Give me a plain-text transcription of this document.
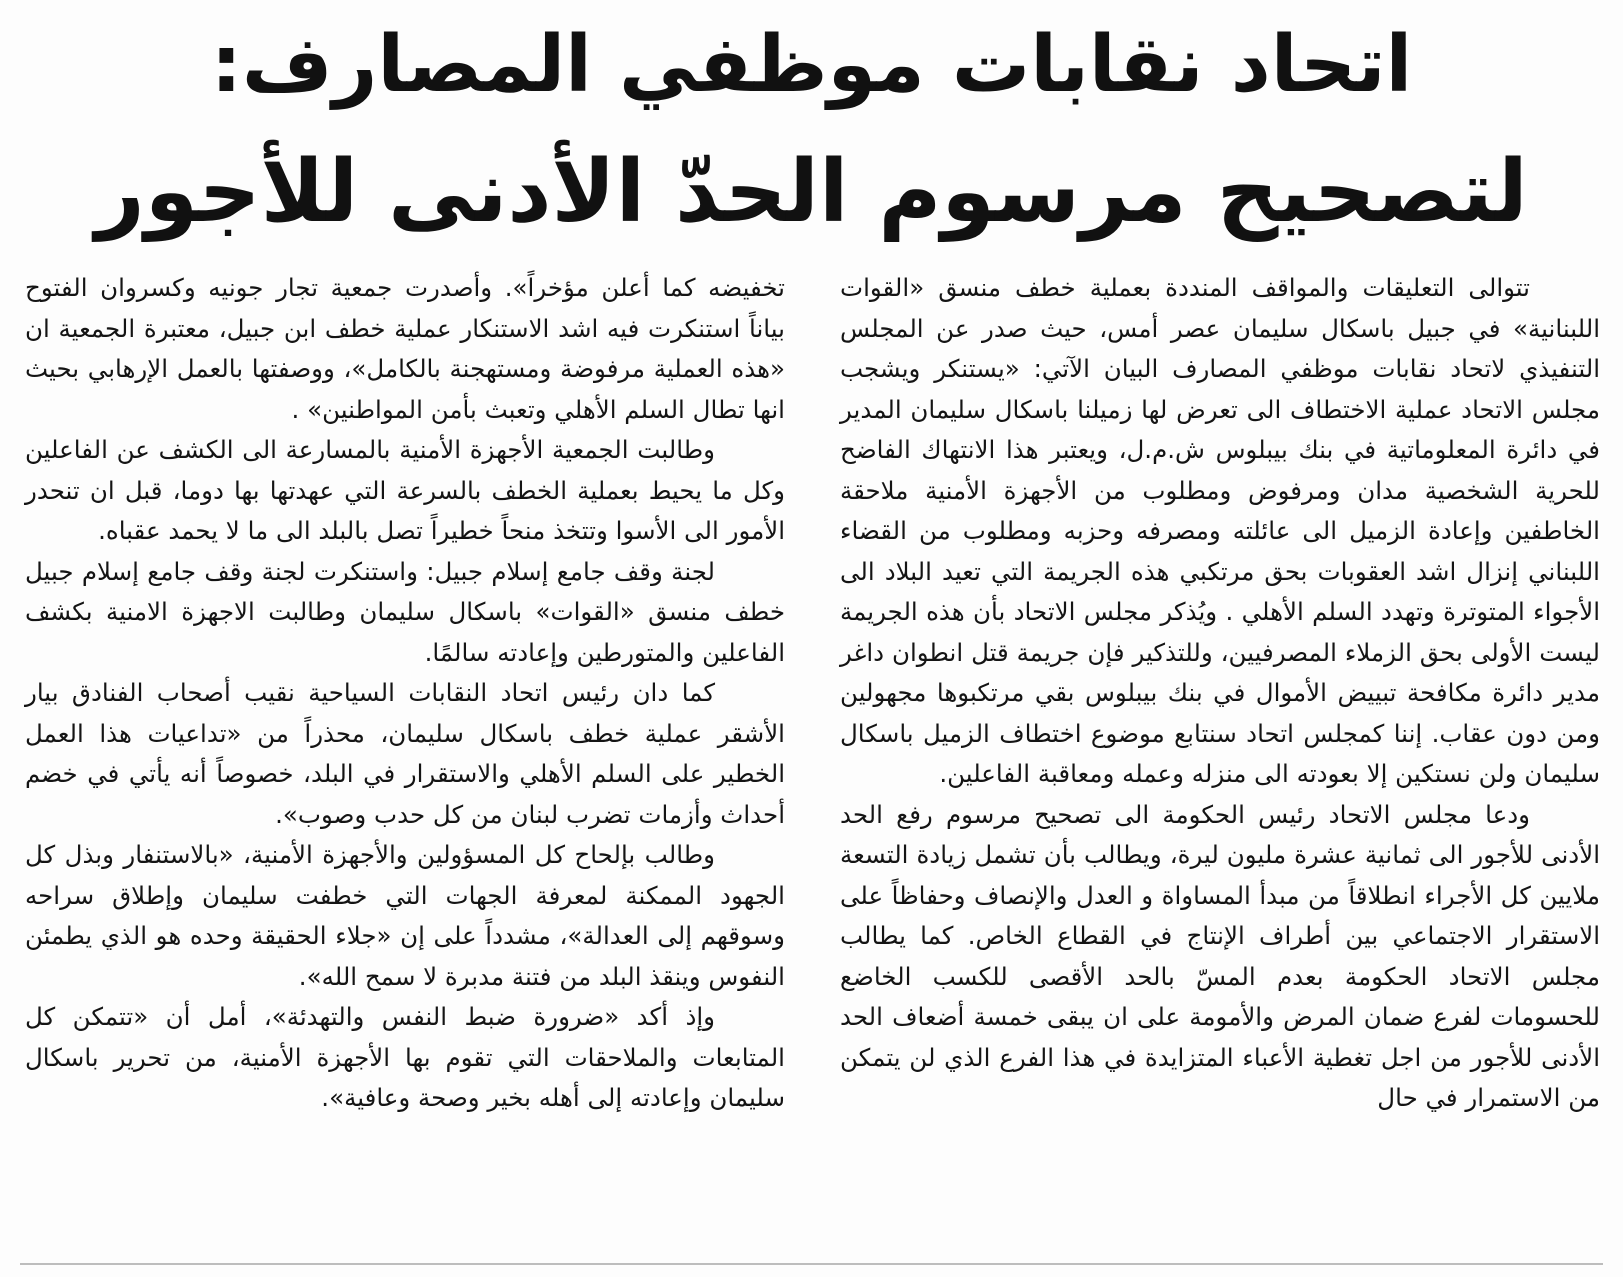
اتحاد نقابات موظفي المصارف:
لتصحيح مرسوم الحدّ الأدنى للأجور

تتوالى التعليقات والمواقف المنددة بعملية خطف منسق «القوات اللبنانية» في جبيل باسكال سليمان عصر أمس، حيث صدر عن المجلس التنفيذي لاتحاد نقابات موظفي المصارف البيان الآتي: «يستنكر ويشجب مجلس الاتحاد عملية الاختطاف الى تعرض لها زميلنا باسكال سليمان المدير في دائرة المعلوماتية في بنك بيبلوس ش.م.ل، ويعتبر هذا الانتهاك الفاضح للحرية الشخصية مدان ومرفوض ومطلوب من الأجهزة الأمنية ملاحقة الخاطفين وإعادة الزميل الى عائلته ومصرفه وحزبه ومطلوب من القضاء اللبناني إنزال اشد العقوبات بحق مرتكبي هذه الجريمة التي تعيد البلاد الى الأجواء المتوترة وتهدد السلم الأهلي . ويُذكر مجلس الاتحاد بأن هذه الجريمة ليست الأولى بحق الزملاء المصرفيين، وللتذكير فإن جريمة قتل انطوان داغر مدير دائرة مكافحة تبييض الأموال في بنك بيبلوس بقي مرتكبوها مجهولين ومن دون عقاب. إننا كمجلس اتحاد سنتابع موضوع اختطاف الزميل باسكال سليمان ولن نستكين إلا بعودته الى منزله وعمله ومعاقبة الفاعلين.

ودعا مجلس الاتحاد رئيس الحكومة الى تصحيح مرسوم رفع الحد الأدنى للأجور الى ثمانية عشرة مليون ليرة، ويطالب بأن تشمل زيادة التسعة ملايين كل الأجراء انطلاقاً من مبدأ المساواة و العدل والإنصاف وحفاظاً على الاستقرار الاجتماعي بين أطراف الإنتاج في القطاع الخاص. كما يطالب مجلس الاتحاد الحكومة بعدم المسّ بالحد الأقصى للكسب الخاضع للحسومات لفرع ضمان المرض والأمومة على ان يبقى خمسة أضعاف الحد الأدنى للأجور من اجل تغطية الأعباء المتزايدة في هذا الفرع الذي لن يتمكن من الاستمرار في حال

تخفيضه كما أعلن مؤخراً». وأصدرت جمعية تجار جونيه وكسروان الفتوح بياناً استنكرت فيه اشد الاستنكار عملية خطف ابن جبيل، معتبرة الجمعية ان «هذه العملية مرفوضة ومستهجنة بالكامل»، ووصفتها بالعمل الإرهابي بحيث انها تطال السلم الأهلي وتعبث بأمن المواطنين» .

وطالبت الجمعية الأجهزة الأمنية بالمسارعة الى الكشف عن الفاعلين وكل ما يحيط بعملية الخطف بالسرعة التي عهدتها بها دوما، قبل ان تنحدر الأمور الى الأسوا وتتخذ منحاً خطيراً تصل بالبلد الى ما لا يحمد عقباه.

لجنة وقف جامع إسلام جبيل: واستنكرت لجنة وقف جامع إسلام جبيل خطف منسق «القوات» باسكال سليمان وطالبت الاجهزة الامنية بكشف الفاعلين والمتورطين وإعادته سالمًا.

كما دان رئيس اتحاد النقابات السياحية نقيب أصحاب الفنادق بيار الأشقر عملية خطف باسكال سليمان، محذراً من «تداعيات هذا العمل الخطير على السلم الأهلي والاستقرار في البلد، خصوصاً أنه يأتي في خضم أحداث وأزمات تضرب لبنان من كل حدب وصوب».

وطالب بإلحاح كل المسؤولين والأجهزة الأمنية، «بالاستنفار وبذل كل الجهود الممكنة لمعرفة الجهات التي خطفت سليمان وإطلاق سراحه وسوقهم إلى العدالة»، مشدداً على إن «جلاء الحقيقة وحده هو الذي يطمئن النفوس وينقذ البلد من فتنة مدبرة لا سمح الله».

وإذ أكد «ضرورة ضبط النفس والتهدئة»، أمل أن «تتمكن كل المتابعات والملاحقات التي تقوم بها الأجهزة الأمنية، من تحرير باسكال سليمان وإعادته إلى أهله بخير وصحة وعافية».
